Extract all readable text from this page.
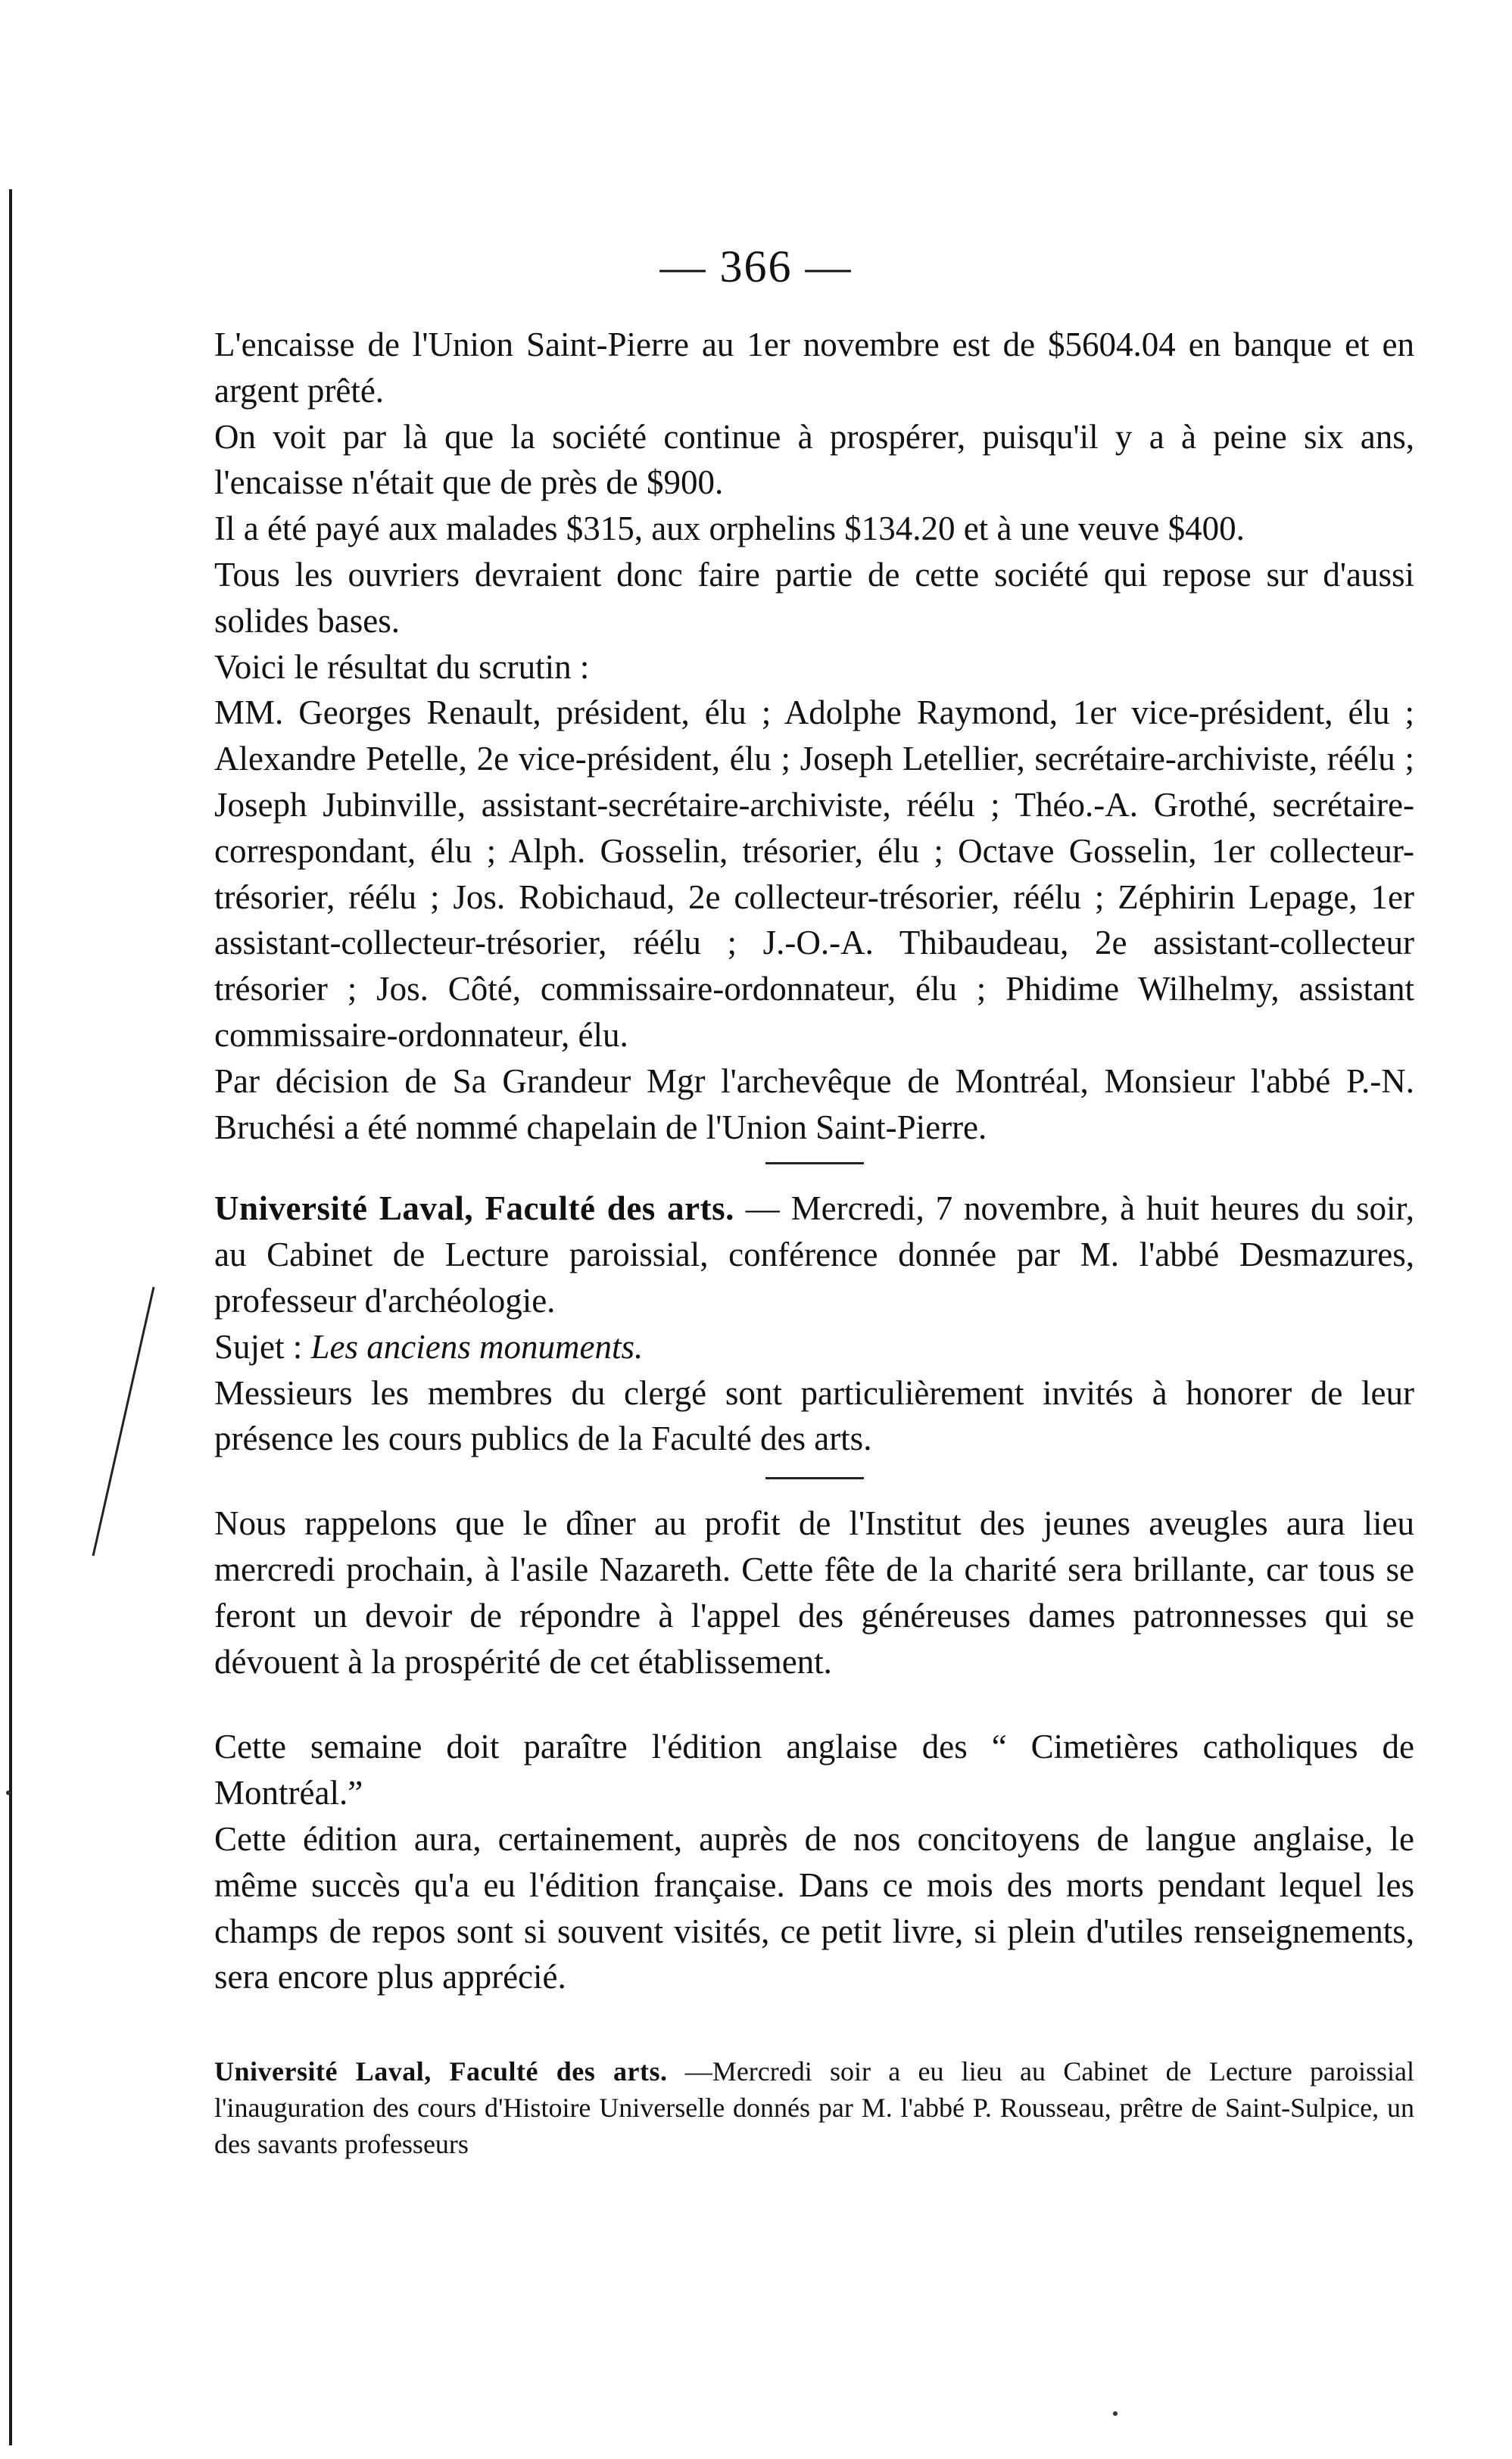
— 366 —

L'encaisse de l'Union Saint-Pierre au 1er novembre est de $5604.04 en banque et en argent prêté.

On voit par là que la société continue à prospérer, puisqu'il y a à peine six ans, l'encaisse n'était que de près de $900.

Il a été payé aux malades $315, aux orphelins $134.20 et à une veuve $400.

Tous les ouvriers devraient donc faire partie de cette société qui repose sur d'aussi solides bases.

Voici le résultat du scrutin :

MM. Georges Renault, président, élu ; Adolphe Raymond, 1er vice-président, élu ; Alexandre Petelle, 2e vice-président, élu ; Joseph Letellier, secrétaire-archiviste, réélu ; Joseph Jubinville, assistant-secrétaire-archiviste, réélu ; Théo.-A. Grothé, secrétaire-correspondant, élu ; Alph. Gosselin, trésorier, élu ; Octave Gosselin, 1er collecteur-trésorier, réélu ; Jos. Robichaud, 2e collecteur-trésorier, réélu ; Zéphirin Lepage, 1er assistant-collecteur-trésorier, réélu ; J.-O.-A. Thibaudeau, 2e assistant-collecteur trésorier ; Jos. Côté, commissaire-ordonnateur, élu ; Phidime Wilhelmy, assistant commissaire-ordonnateur, élu.

Par décision de Sa Grandeur Mgr l'archevêque de Montréal, Monsieur l'abbé P.-N. Bruchési a été nommé chapelain de l'Union Saint-Pierre.

Université Laval, Faculté des arts. — Mercredi, 7 novembre, à huit heures du soir, au Cabinet de Lecture paroissial, conférence donnée par M. l'abbé Desmazures, professeur d'archéologie.

Sujet : Les anciens monuments.

Messieurs les membres du clergé sont particulièrement invités à honorer de leur présence les cours publics de la Faculté des arts.

Nous rappelons que le dîner au profit de l'Institut des jeunes aveugles aura lieu mercredi prochain, à l'asile Nazareth. Cette fête de la charité sera brillante, car tous se feront un devoir de répondre à l'appel des généreuses dames patronnesses qui se dévouent à la prospérité de cet établissement.

Cette semaine doit paraître l'édition anglaise des “ Cimetières catholiques de Montréal.”

Cette édition aura, certainement, auprès de nos concitoyens de langue anglaise, le même succès qu'a eu l'édition française. Dans ce mois des morts pendant lequel les champs de repos sont si souvent visités, ce petit livre, si plein d'utiles renseignements, sera encore plus apprécié.

Université Laval, Faculté des arts. —Mercredi soir a eu lieu au Cabinet de Lecture paroissial l'inauguration des cours d'Histoire Universelle donnés par M. l'abbé P. Rousseau, prêtre de Saint-Sulpice, un des savants professeurs
